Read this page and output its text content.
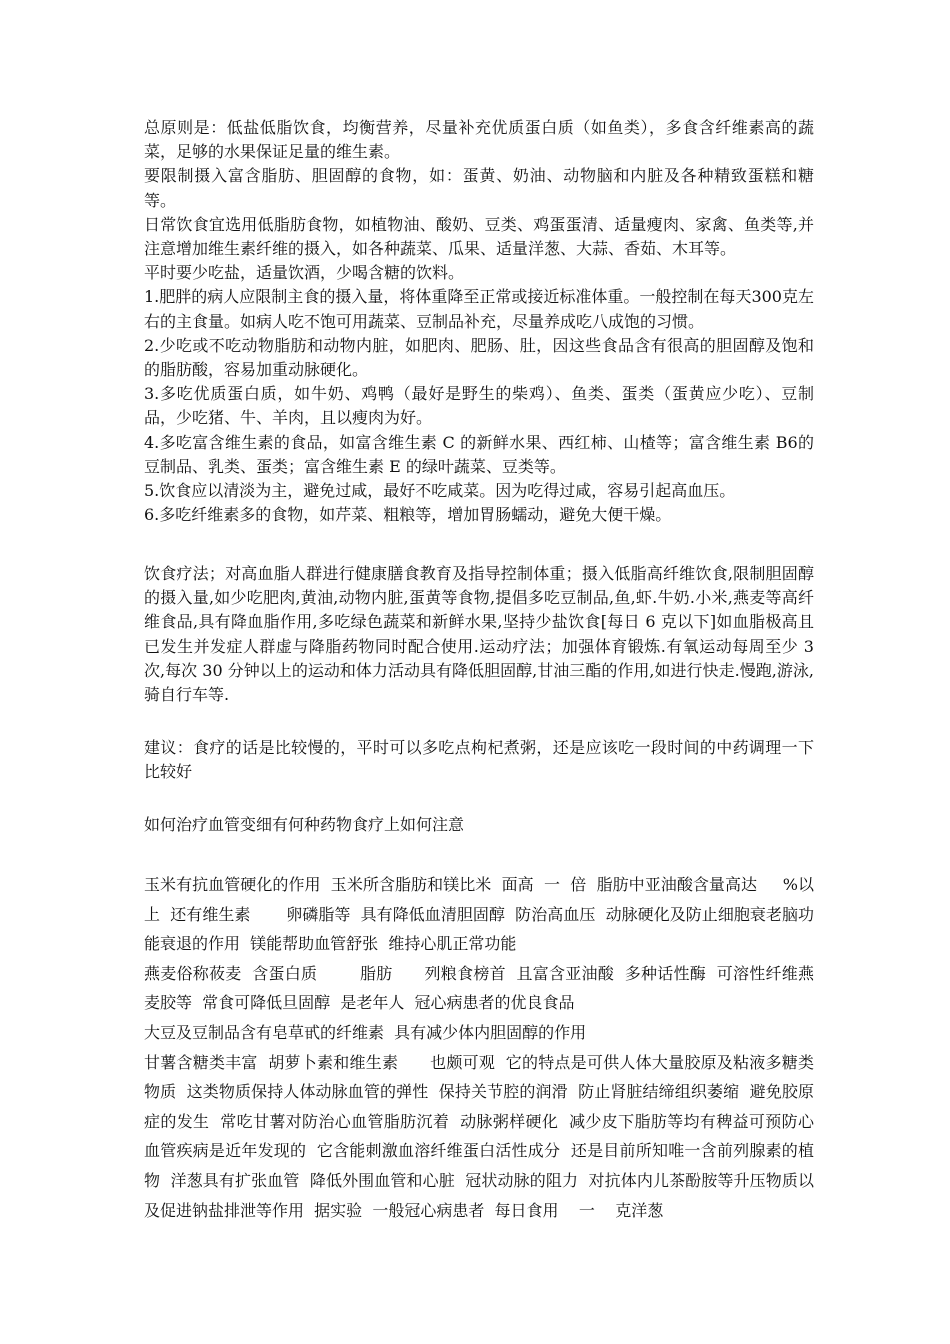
总原则是：低盐低脂饮食，均衡营养，尽量补充优质蛋白质（如鱼类），多食含纤维素高的蔬菜，足够的水果保证足量的维生素。

要限制摄入富含脂肪、胆固醇的食物，如：蛋黄、奶油、动物脑和内脏及各种精致蛋糕和糖等。

日常饮食宜选用低脂肪食物，如植物油、酸奶、豆类、鸡蛋蛋清、适量瘦肉、家禽、鱼类等,并注意增加维生素纤维的摄入，如各种蔬菜、瓜果、适量洋葱、大蒜、香茹、木耳等。

平时要少吃盐，适量饮酒，少喝含糖的饮料。

1.肥胖的病人应限制主食的摄入量，将体重降至正常或接近标准体重。一般控制在每天300克左右的主食量。如病人吃不饱可用蔬菜、豆制品补充，尽量养成吃八成饱的习惯。

2.少吃或不吃动物脂肪和动物内脏，如肥肉、肥肠、肚，因这些食品含有很高的胆固醇及饱和的脂肪酸，容易加重动脉硬化。

3.多吃优质蛋白质，如牛奶、鸡鸭（最好是野生的柴鸡）、鱼类、蛋类（蛋黄应少吃）、豆制品，少吃猪、牛、羊肉，且以瘦肉为好。

4.多吃富含维生素的食品，如富含维生素 C 的新鲜水果、西红柿、山楂等；富含维生素 B6的豆制品、乳类、蛋类；富含维生素 E 的绿叶蔬菜、豆类等。

5.饮食应以清淡为主，避免过咸，最好不吃咸菜。因为吃得过咸，容易引起高血压。

6.多吃纤维素多的食物，如芹菜、粗粮等，增加胃肠蠕动，避免大便干燥。

饮食疗法；对高血脂人群进行健康膳食教育及指导控制体重；摄入低脂高纤维饮食,限制胆固醇的摄入量,如少吃肥肉,黄油,动物内脏,蛋黄等食物,提倡多吃豆制品,鱼,虾.牛奶.小米,燕麦等高纤维食品,具有降血脂作用,多吃绿色蔬菜和新鲜水果,坚持少盐饮食[每日 6 克以下]如血脂极高且已发生并发症人群虚与降脂药物同时配合使用.运动疗法；加强体育锻炼.有氧运动每周至少 3 次,每次 30 分钟以上的运动和体力活动具有降低胆固醇,甘油三酯的作用,如进行快走.慢跑,游泳,骑自行车等.

建议：食疗的话是比较慢的，平时可以多吃点枸杞煮粥，还是应该吃一段时间的中药调理一下比较好

如何治疗血管变细有何种药物食疗上如何注意

玉米有抗血管硬化的作用  玉米所含脂肪和镁比米  面高  一  倍  脂肪中亚油酸含量高达     %以上  还有维生素       卵磷脂等  具有降低血清胆固醇  防治高血压  动脉硬化及防止细胞衰老脑功能衰退的作用  镁能帮助血管舒张  维持心肌正常功能

燕麦俗称莜麦  含蛋白质        脂肪      列粮食榜首  且富含亚油酸  多种话性酶  可溶性纤维燕麦胶等  常食可降低旦固醇  是老年人  冠心病患者的优良食品

大豆及豆制品含有皂草甙的纤维素  具有减少体内胆固醇的作用

甘薯含糖类丰富  胡萝卜素和维生素      也颇可观  它的特点是可供人体大量胶原及粘液多糖类物质  这类物质保持人体动脉血管的弹性  保持关节腔的润滑  防止肾脏结缔组织萎缩  避免胶原症的发生  常吃甘薯对防治心血管脂肪沉着  动脉粥样硬化  减少皮下脂肪等均有稗益可预防心血管疾病是近年发现的  它含能刺激血溶纤维蛋白活性成分  还是目前所知唯一含前列腺素的植物  洋葱具有扩张血管  降低外围血管和心脏  冠状动脉的阻力  对抗体内儿茶酚胺等升压物质以及促进钠盐排泄等作用  据实验  一般冠心病患者  每日食用    一    克洋葱
